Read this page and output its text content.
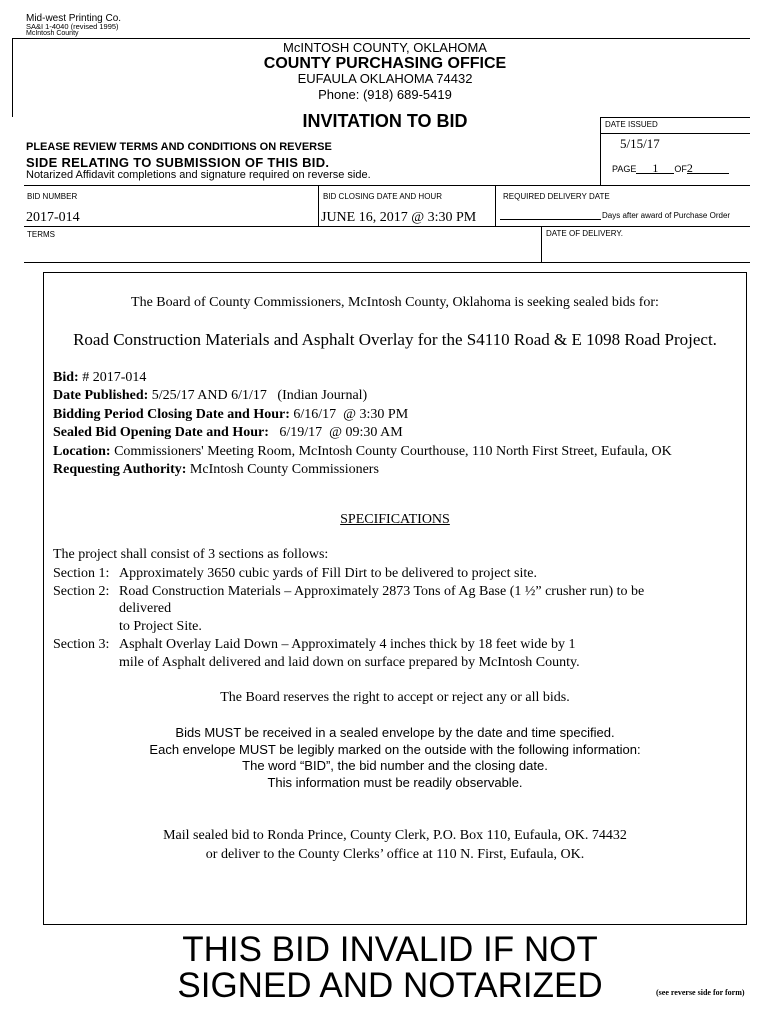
Mid-west Printing Co.
SA&I 1-4040 (revised 1995)
McIntosh County
McINTOSH COUNTY, OKLAHOMA
COUNTY PURCHASING OFFICE
EUFAULA OKLAHOMA 74432
Phone: (918) 689-5419
INVITATION TO BID	DATE ISSUED
5/15/17
PAGE 1 OF2
PLEASE REVIEW TERMS AND CONDITIONS ON REVERSE
SIDE RELATING TO SUBMISSION OF THIS BID.
Notarized Affidavit completions and signature required on reverse side.
BID NUMBER
2017-014
BID CLOSING DATE AND HOUR
JUNE 16, 2017 @ 3:30 PM
REQUIRED DELIVERY DATE
Days after award of Purchase Order
TERMS	DATE OF DELIVERY.
The Board of County Commissioners, McIntosh County, Oklahoma is seeking sealed bids for:
Road Construction Materials and Asphalt Overlay for the S4110 Road & E 1098 Road Project.
Bid: # 2017-014
Date Published: 5/25/17 AND 6/1/17   (Indian Journal)
Bidding Period Closing Date and Hour: 6/16/17  @ 3:30 PM
Sealed Bid Opening Date and Hour:   6/19/17  @ 09:30 AM
Location: Commissioners' Meeting Room, McIntosh County Courthouse, 110 North First Street, Eufaula, OK
Requesting Authority: McIntosh County Commissioners
SPECIFICATIONS
The project shall consist of 3 sections as follows:
Section 1: Approximately 3650 cubic yards of Fill Dirt to be delivered to project site.
Section 2: Road Construction Materials – Approximately 2873 Tons of Ag Base (1 ½” crusher run) to be
delivered
to Project Site.
Section 3: Asphalt Overlay Laid Down – Approximately 4 inches thick by 18 feet wide by 1
mile of Asphalt delivered and laid down on surface prepared by McIntosh County.
The Board reserves the right to accept or reject any or all bids.
Bids MUST be received in a sealed envelope by the date and time specified.
Each envelope MUST be legibly marked on the outside with the following information:
The word “BID”, the bid number and the closing date.
This information must be readily observable.
Mail sealed bid to Ronda Prince, County Clerk, P.O. Box 110, Eufaula, OK. 74432
or deliver to the County Clerks’ office at 110 N. First, Eufaula, OK.
THIS BID INVALID IF NOT
SIGNED AND NOTARIZED	(see reverse side for form)
